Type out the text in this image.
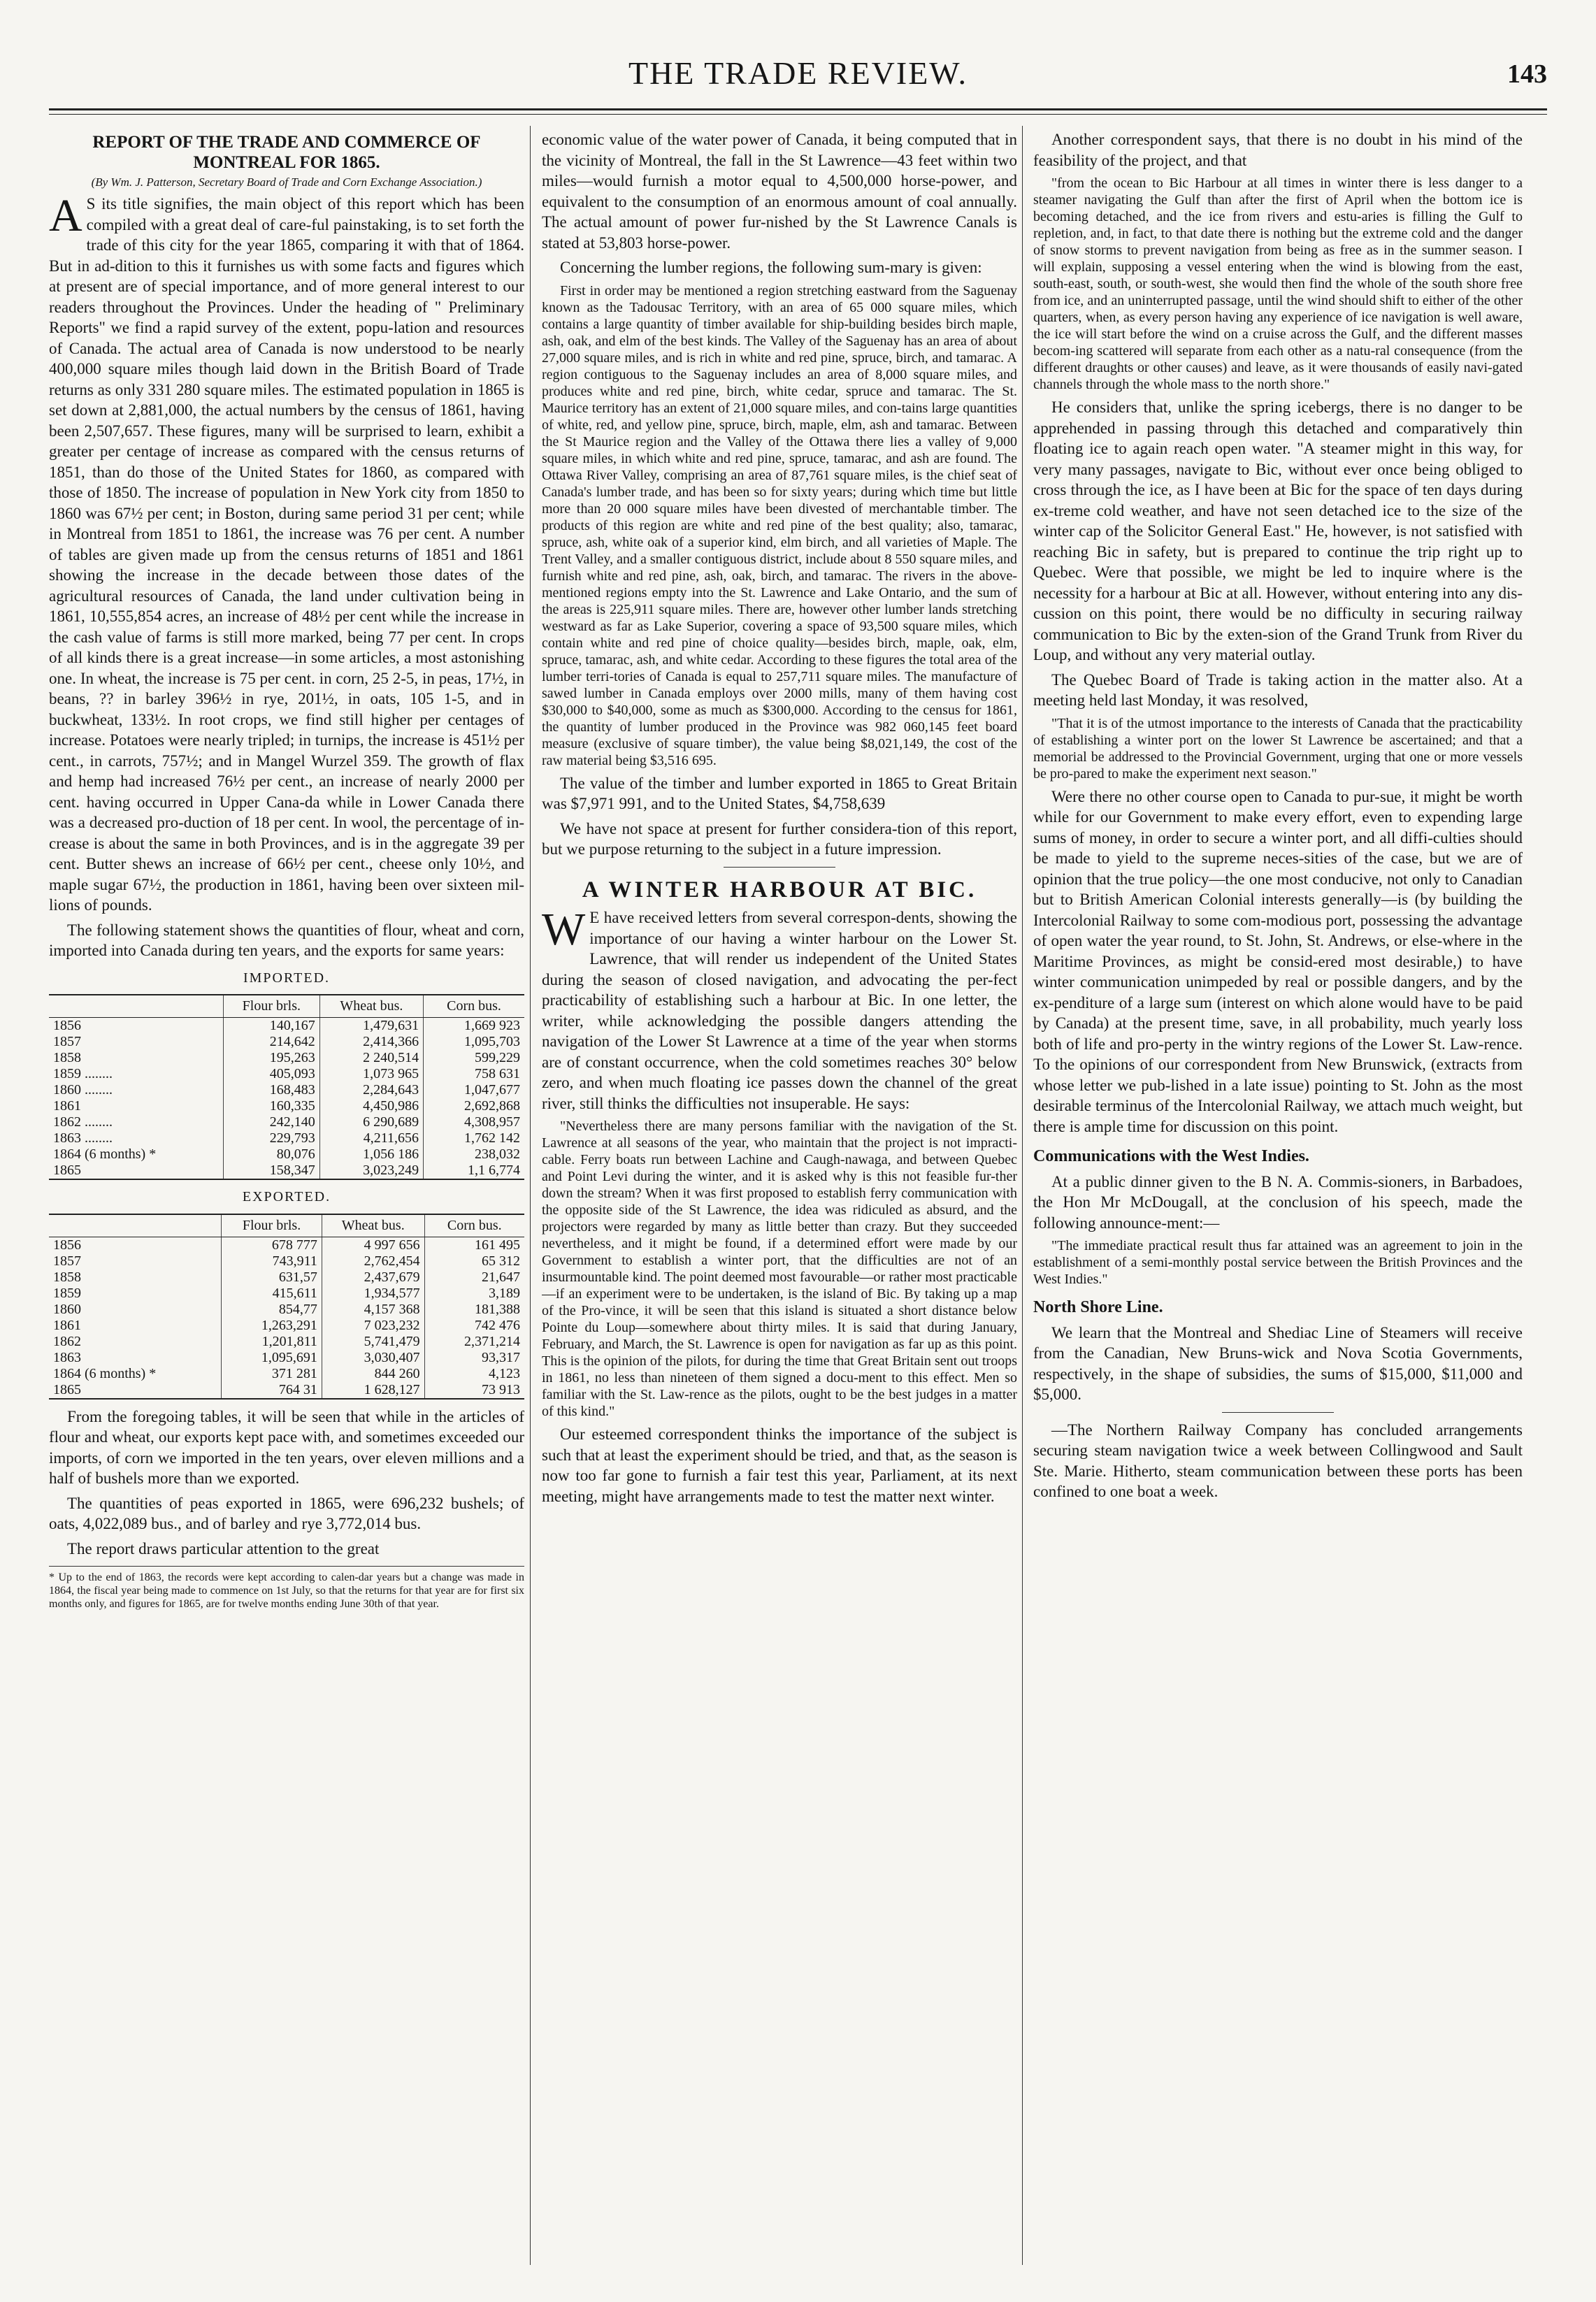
THE TRADE REVIEW.	143
REPORT OF THE TRADE AND COMMERCE OF MONTREAL FOR 1865.
(By Wm. J. Patterson, Secretary Board of Trade and Corn Exchange Association.)

A S its title signifies, the main object of this report which has been compiled with a great deal of care-ful painstaking, is to set forth the trade of this city for the year 1865, comparing it with that of 1864. But in ad-dition to this it furnishes us with some facts and figures which at present are of special importance, and of more general interest to our readers throughout the Provinces. Under the heading of " Preliminary Reports" we find a rapid survey of the extent, popu-lation and resources of Canada. The actual area of Canada is now understood to be nearly 400,000 square miles though laid down in the British Board of Trade returns as only 331 280 square miles. The estimated population in 1865 is set down at 2,881,000, the actual numbers by the census of 1861, having been 2,507,657. These figures, many will be surprised to learn, exhibit a greater per centage of increase as compared with the census returns of 1851, than do those of the United States for 1860, as compared with those of 1850. The increase of population in New York city from 1850 to 1860 was 67½ per cent; in Boston, during same period 31 per cent; while in Montreal from 1851 to 1861, the increase was 76 per cent. A number of tables are given made up from the census returns of 1851 and 1861 showing the increase in the decade between those dates of the agricultural resources of Canada, the land under cultivation being in 1861, 10,555,854 acres, an increase of 48½ per cent while the increase in the cash value of farms is still more marked, being 77 per cent. In crops of all kinds there is a great increase—in some articles, a most astonishing one. In wheat, the increase is 75 per cent. in corn, 25 2-5, in peas, 17½, in beans, ?? in barley 396½ in rye, 201½, in oats, 105 1-5, and in buckwheat, 133½. In root crops, we find still higher per centages of increase. Potatoes were nearly tripled; in turnips, the increase is 451½ per cent., in carrots, 757½; and in Mangel Wurzel 359. The growth of flax and hemp had increased 76½ per cent., an increase of nearly 2000 per cent. having occurred in Upper Cana-da while in Lower Canada there was a decreased pro-duction of 18 per cent. In wool, the percentage of in-crease is about the same in both Provinces, and is in the aggregate 39 per cent. Butter shews an increase of 66½ per cent., cheese only 10½, and maple sugar 67½, the production in 1861, having been over sixteen mil-lions of pounds.

The following statement shows the quantities of flour, wheat and corn, imported into Canada during ten years, and the exports for same years:

IMPORTED.
	Flour brls.	Wheat bus.	Corn bus.
1856	140,167	1,479,631	1,669 923
1857	214,642	2,414,366	1,095,703
1858	195,263	2 240,514	599,229
1859 ........	405,093	1,073 965	758 631
1860 ........	168,483	2,284,643	1,047,677
1861	160,335	4,450,986	2,692,868
1862 ........	242,140	6 290,689	4,308,957
1863 ........	229,793	4,211,656	1,762 142
1864 (6 months) *	80,076	1,056 186	238,032
1865	158,347	3,023,249	1,1 6,774
EXPORTED.
	Flour brls.	Wheat bus.	Corn bus.
1856	678 777	4 997 656	161 495
1857	743,911	2,762,454	65 312
1858	631,57	2,437,679	21,647
1859	415,611	1,934,577	3,189
1860	854,77	4,157 368	181,388
1861	1,263,291	7 023,232	742 476
1862	1,201,811	5,741,479	2,371,214
1863	1,095,691	3,030,407	93,317
1864 (6 months) *	371 281	844 260	4,123
1865	764 31	1 628,127	73 913

From the foregoing tables, it will be seen that while in the articles of flour and wheat, our exports kept pace with, and sometimes exceeded our imports, of corn we imported in the ten years, over eleven millions and a half of bushels more than we exported.

The quantities of peas exported in 1865, were 696,232 bushels; of oats, 4,022,089 bus., and of barley and rye 3,772,014 bus.

The report draws particular attention to the great

* Up to the end of 1863, the records were kept according to calen-dar years but a change was made in 1864, the fiscal year being made to commence on 1st July, so that the returns for that year are for first six months only, and figures for 1865, are for twelve months ending June 30th of that year.

economic value of the water power of Canada, it being computed that in the vicinity of Montreal, the fall in the St Lawrence—43 feet within two miles—would furnish a motor equal to 4,500,000 horse-power, and equivalent to the consumption of an enormous amount of coal annually. The actual amount of power fur-nished by the St Lawrence Canals is stated at 53,803 horse-power.

Concerning the lumber regions, the following sum-mary is given:

First in order may be mentioned a region stretching eastward from the Saguenay known as the Tadousac Territory, with an area of 65 000 square miles, which contains a large quantity of timber available for ship-building besides birch maple, ash, oak, and elm of the best kinds. The Valley of the Saguenay has an area of about 27,000 square miles, and is rich in white and red pine, spruce, birch, and tamarac. A region contiguous to the Saguenay includes an area of 8,000 square miles, and produces white and red pine, birch, white cedar, spruce and tamarac. The St. Maurice territory has an extent of 21,000 square miles, and con-tains large quantities of white, red, and yellow pine, spruce, birch, maple, elm, ash and tamarac. Between the St Maurice region and the Valley of the Ottawa there lies a valley of 9,000 square miles, in which white and red pine, spruce, tamarac, and ash are found. The Ottawa River Valley, comprising an area of 87,761 square miles, is the chief seat of Canada's lumber trade, and has been so for sixty years; during which time but little more than 20 000 square miles have been divested of merchantable timber. The products of this region are white and red pine of the best quality; also, tamarac, spruce, ash, white oak of a superior kind, elm birch, and all varieties of Maple. The Trent Valley, and a smaller contiguous district, include about 8 550 square miles, and furnish white and red pine, ash, oak, birch, and tamarac. The rivers in the above-mentioned regions empty into the St. Lawrence and Lake Ontario, and the sum of the areas is 225,911 square miles. There are, however other lumber lands stretching westward as far as Lake Superior, covering a space of 93,500 square miles, which contain white and red pine of choice quality—besides birch, maple, oak, elm, spruce, tamarac, ash, and white cedar. According to these figures the total area of the lumber terri-tories of Canada is equal to 257,711 square miles. The manufacture of sawed lumber in Canada employs over 2000 mills, many of them having cost $30,000 to $40,000, some as much as $300,000. According to the census for 1861, the quantity of lumber produced in the Province was 982 060,145 feet board measure (exclusive of square timber), the value being $8,021,149, the cost of the raw material being $3,516 695.

The value of the timber and lumber exported in 1865 to Great Britain was $7,971 991, and to the United States, $4,758,639

We have not space at present for further considera-tion of this report, but we purpose returning to the subject in a future impression.

A WINTER HARBOUR AT BIC.

W E have received letters from several correspon-dents, showing the importance of our having a winter harbour on the Lower St. Lawrence, that will render us independent of the United States during the season of closed navigation, and advocating the per-fect practicability of establishing such a harbour at Bic. In one letter, the writer, while acknowledging the possible dangers attending the navigation of the Lower St Lawrence at a time of the year when storms are of constant occurrence, when the cold sometimes reaches 30° below zero, and when much floating ice passes down the channel of the great river, still thinks the difficulties not insuperable. He says:

"Nevertheless there are many persons familiar with the navigation of the St. Lawrence at all seasons of the year, who maintain that the project is not impracti-cable. Ferry boats run between Lachine and Caugh-nawaga, and between Quebec and Point Levi during the winter, and it is asked why is this not feasible fur-ther down the stream? When it was first proposed to establish ferry communication with the opposite side of the St Lawrence, the idea was ridiculed as absurd, and the projectors were regarded by many as little better than crazy. But they succeeded nevertheless, and it might be found, if a determined effort were made by our Government to establish a winter port, that the difficulties are not of an insurmountable kind. The point deemed most favourable—or rather most practicable—if an experiment were to be undertaken, is the island of Bic. By taking up a map of the Pro-vince, it will be seen that this island is situated a short distance below Pointe du Loup—somewhere about thirty miles. It is said that during January, February, and March, the St. Lawrence is open for navigation as far up as this point. This is the opinion of the pilots, for during the time that Great Britain sent out troops in 1861, no less than nineteen of them signed a docu-ment to this effect. Men so familiar with the St. Law-rence as the pilots, ought to be the best judges in a matter of this kind."

Our esteemed correspondent thinks the importance of the subject is such that at least the experiment should be tried, and that, as the season is now too far gone to furnish a fair test this year, Parliament, at its next meeting, might have arrangements made to test the matter next winter.

Another correspondent says, that there is no doubt in his mind of the feasibility of the project, and that

"from the ocean to Bic Harbour at all times in winter there is less danger to a steamer navigating the Gulf than after the first of April when the bottom ice is becoming detached, and the ice from rivers and estu-aries is filling the Gulf to repletion, and, in fact, to that date there is nothing but the extreme cold and the danger of snow storms to prevent navigation from being as free as in the summer season. I will explain, supposing a vessel entering when the wind is blowing from the east, south-east, south, or south-west, she would then find the whole of the south shore free from ice, and an uninterrupted passage, until the wind should shift to either of the other quarters, when, as every person having any experience of ice navigation is well aware, the ice will start before the wind on a cruise across the Gulf, and the different masses becom-ing scattered will separate from each other as a natu-ral consequence (from the different draughts or other causes) and leave, as it were thousands of easily navi-gated channels through the whole mass to the north shore."

He considers that, unlike the spring icebergs, there is no danger to be apprehended in passing through this detached and comparatively thin floating ice to again reach open water. "A steamer might in this way, for very many passages, navigate to Bic, without ever once being obliged to cross through the ice, as I have been at Bic for the space of ten days during ex-treme cold weather, and have not seen detached ice to the size of the winter cap of the Solicitor General East." He, however, is not satisfied with reaching Bic in safety, but is prepared to continue the trip right up to Quebec. Were that possible, we might be led to inquire where is the necessity for a harbour at Bic at all. However, without entering into any dis-cussion on this point, there would be no difficulty in securing railway communication to Bic by the exten-sion of the Grand Trunk from River du Loup, and without any very material outlay.

The Quebec Board of Trade is taking action in the matter also. At a meeting held last Monday, it was resolved,

"That it is of the utmost importance to the interests of Canada that the practicability of establishing a winter port on the lower St Lawrence be ascertained; and that a memorial be addressed to the Provincial Government, urging that one or more vessels be pro-pared to make the experiment next season."

Were there no other course open to Canada to pur-sue, it might be worth while for our Government to make every effort, even to expending large sums of money, in order to secure a winter port, and all diffi-culties should be made to yield to the supreme neces-sities of the case, but we are of opinion that the true policy—the one most conducive, not only to Canadian but to British American Colonial interests generally—is (by building the Intercolonial Railway to some com-modious port, possessing the advantage of open water the year round, to St. John, St. Andrews, or else-where in the Maritime Provinces, as might be consid-ered most desirable,) to have winter communication unimpeded by real or possible dangers, and by the ex-penditure of a large sum (interest on which alone would have to be paid by Canada) at the present time, save, in all probability, much yearly loss both of life and pro-perty in the wintry regions of the Lower St. Law-rence. To the opinions of our correspondent from New Brunswick, (extracts from whose letter we pub-lished in a late issue) pointing to St. John as the most desirable terminus of the Intercolonial Railway, we attach much weight, but there is ample time for discussion on this point.

Communications with the West Indies.

At a public dinner given to the B N. A. Commis-sioners, in Barbadoes, the Hon Mr McDougall, at the conclusion of his speech, made the following announce-ment:—

"The immediate practical result thus far attained was an agreement to join in the establishment of a semi-monthly postal service between the British Provinces and the West Indies."

North Shore Line.

We learn that the Montreal and Shediac Line of Steamers will receive from the Canadian, New Bruns-wick and Nova Scotia Governments, respectively, in the shape of subsidies, the sums of $15,000, $11,000 and $5,000.

—The Northern Railway Company has concluded arrangements securing steam navigation twice a week between Collingwood and Sault Ste. Marie. Hitherto, steam communication between these ports has been confined to one boat a week.
